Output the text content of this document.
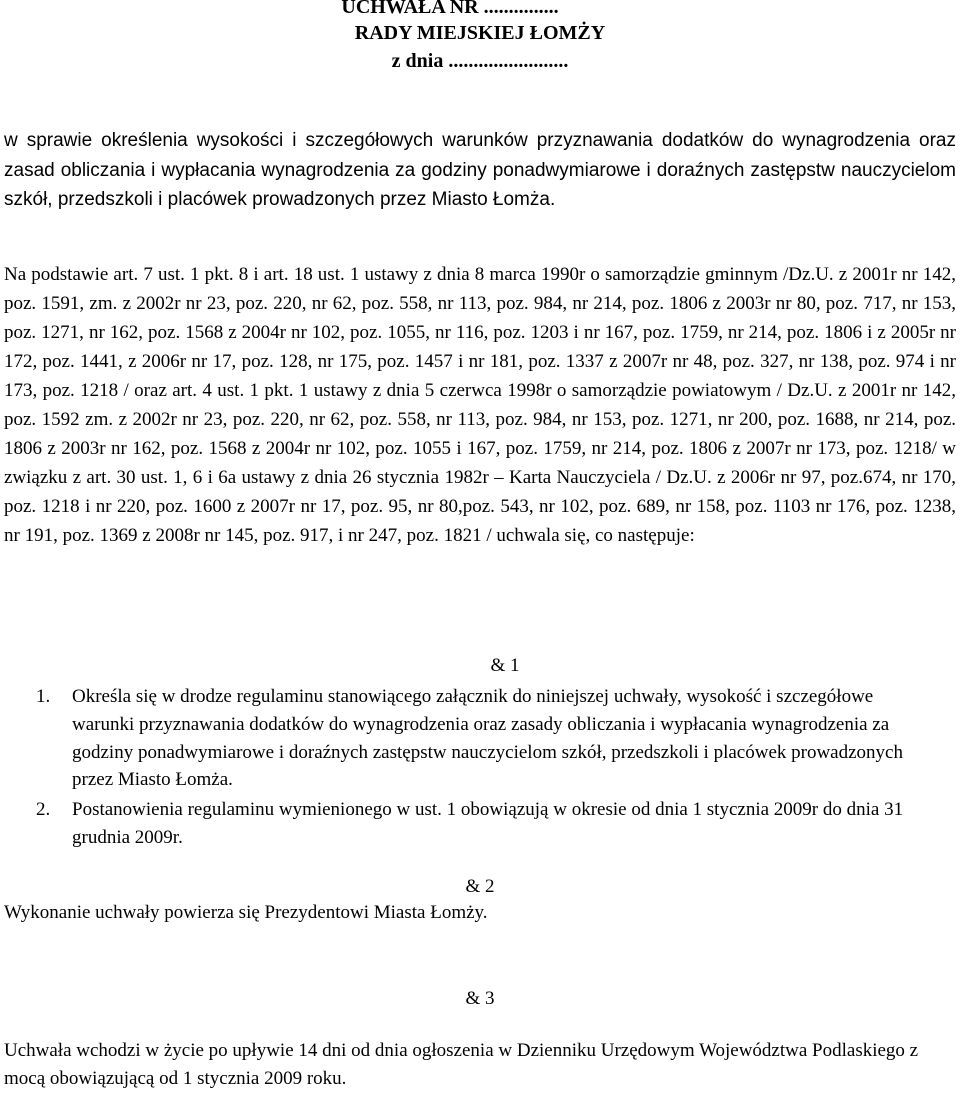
UCHWAŁA NR ...............
RADY MIEJSKIEJ ŁOMŻY
z dnia ........................
w sprawie określenia wysokości i szczegółowych warunków przyznawania dodatków do wynagrodzenia oraz zasad obliczania i wypłacania wynagrodzenia za godziny ponadwymiarowe i doraźnych zastępstw nauczycielom szkół, przedszkoli i placówek prowadzonych przez Miasto Łomża.
Na podstawie art. 7 ust. 1 pkt. 8 i art. 18 ust. 1 ustawy z dnia 8 marca 1990r o samorządzie gminnym /Dz.U. z 2001r nr 142, poz. 1591, zm. z 2002r nr 23, poz. 220, nr 62, poz. 558, nr 113, poz. 984, nr 214, poz. 1806 z 2003r nr 80, poz. 717, nr 153, poz. 1271, nr 162, poz. 1568 z 2004r nr 102, poz. 1055, nr 116, poz. 1203 i nr 167, poz. 1759, nr 214, poz. 1806 i z 2005r nr 172, poz. 1441, z 2006r nr 17, poz. 128, nr 175, poz. 1457 i nr 181, poz. 1337 z 2007r nr 48, poz. 327, nr 138, poz. 974 i nr 173, poz. 1218 / oraz art. 4 ust. 1 pkt. 1 ustawy z dnia 5 czerwca 1998r o samorządzie powiatowym / Dz.U. z 2001r nr 142, poz. 1592 zm. z 2002r nr 23, poz. 220, nr 62, poz. 558, nr 113, poz. 984, nr 153, poz. 1271, nr 200, poz. 1688, nr 214, poz. 1806 z 2003r nr 162, poz. 1568 z 2004r nr 102, poz. 1055 i 167, poz. 1759, nr 214, poz. 1806 z 2007r nr 173, poz. 1218/ w związku z art. 30 ust. 1, 6 i 6a ustawy z dnia 26 stycznia 1982r – Karta Nauczyciela / Dz.U. z 2006r nr 97, poz.674, nr 170, poz. 1218 i nr 220, poz. 1600 z 2007r nr 17, poz. 95, nr 80,poz. 543, nr 102, poz. 689, nr 158, poz. 1103 nr 176, poz. 1238, nr 191, poz. 1369 z 2008r nr 145, poz. 917, i nr 247, poz. 1821 / uchwala się, co następuje:
& 1
1.	Określa się w drodze regulaminu stanowiącego załącznik do niniejszej uchwały, wysokość i szczegółowe warunki przyznawania dodatków do wynagrodzenia oraz zasady obliczania i wypłacania wynagrodzenia za godziny ponadwymiarowe i doraźnych zastępstw nauczycielom szkół, przedszkoli i placówek prowadzonych przez Miasto Łomża.
2.	Postanowienia regulaminu wymienionego w ust. 1 obowiązują w okresie od dnia 1 stycznia 2009r do dnia 31 grudnia 2009r.
& 2
Wykonanie uchwały powierza się Prezydentowi Miasta Łomży.
& 3
Uchwała wchodzi w życie po upływie 14 dni od dnia ogłoszenia w Dzienniku Urzędowym Województwa Podlaskiego z mocą obowiązującą od 1 stycznia 2009 roku.
